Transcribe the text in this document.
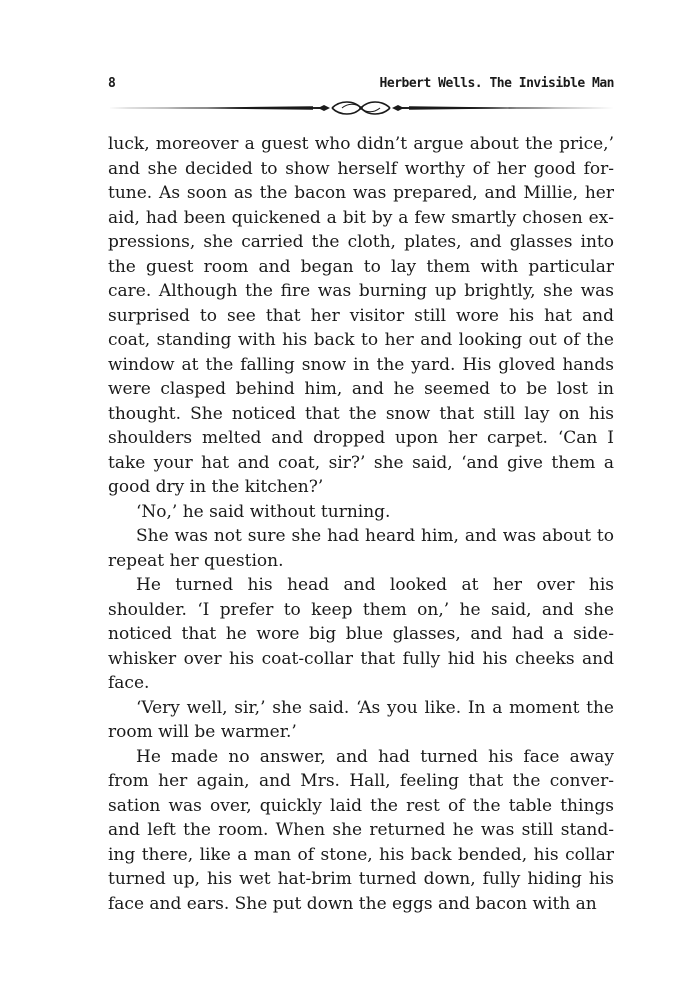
8	Herbert Wells. The Invisible Man

luck, moreover a guest who didn’t argue about the price,’ and she decided to show herself worthy of her good fortune. As soon as the bacon was prepared, and Millie, her aid, had been quickened a bit by a few smartly chosen expressions, she carried the cloth, plates, and glasses into the guest room and began to lay them with particular care. Although the fire was burning up brightly, she was surprised to see that her visitor still wore his hat and coat, standing with his back to her and looking out of the window at the falling snow in the yard. His gloved hands were clasped behind him, and he seemed to be lost in thought. She noticed that the snow that still lay on his shoulders melted and dropped upon her carpet. ‘Can I take your hat and coat, sir?’ she said, ‘and give them a good dry in the kitchen?’

‘No,’ he said without turning.

She was not sure she had heard him, and was about to repeat her question.

He turned his head and looked at her over his shoulder. ‘I prefer to keep them on,’ he said, and she noticed that he wore big blue glasses, and had a side-whisker over his coat-collar that fully hid his cheeks and face.

‘Very well, sir,’ she said. ‘As you like. In a moment the room will be warmer.’

He made no answer, and had turned his face away from her again, and Mrs. Hall, feeling that the conversation was over, quickly laid the rest of the table things and left the room. When she returned he was still standing there, like a man of stone, his back bended, his collar turned up, his wet hat-brim turned down, fully hiding his face and ears. She put down the eggs and bacon with an
